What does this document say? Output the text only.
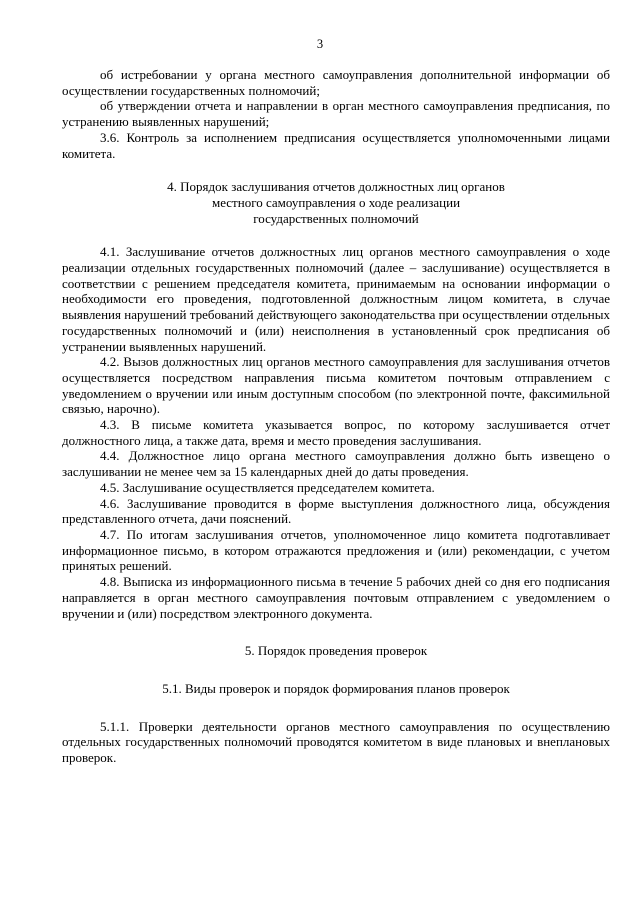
3

об истребовании у органа местного самоуправления дополнительной информации об осуществлении государственных полномочий;

об утверждении отчета и направлении в орган местного самоуправления предписания, по устранению выявленных нарушений;

3.6. Контроль за исполнением предписания осуществляется уполномоченными лицами комитета.

4. Порядок заслушивания отчетов должностных лиц органов

местного самоуправления о ходе реализации

государственных полномочий

4.1. Заслушивание отчетов должностных лиц органов местного самоуправления о ходе реализации отдельных государственных полномочий (далее – заслушивание) осуществляется в соответствии с решением председателя комитета, принимаемым на основании информации о необходимости его проведения, подготовленной должностным лицом комитета, в случае выявления нарушений требований действующего законодательства при осуществлении отдельных государственных полномочий и (или) неисполнения в установленный срок предписания об устранении выявленных нарушений.

4.2. Вызов должностных лиц органов местного самоуправления для заслушивания отчетов осуществляется посредством направления письма комитетом почтовым отправлением с уведомлением о вручении или иным доступным способом (по электронной почте, факсимильной связью, нарочно).

4.3. В письме комитета указывается вопрос, по которому заслушивается отчет должностного лица, а также дата, время и место проведения заслушивания.

4.4. Должностное лицо органа местного самоуправления должно быть извещено о заслушивании не менее чем за 15 календарных дней до даты проведения.

4.5. Заслушивание осуществляется председателем комитета.

4.6. Заслушивание проводится в форме выступления должностного лица, обсуждения представленного отчета, дачи пояснений.

4.7. По итогам заслушивания отчетов, уполномоченное лицо комитета подготавливает информационное письмо, в котором отражаются предложения и (или) рекомендации, с учетом принятых решений.

4.8. Выписка из информационного письма в течение 5 рабочих дней со дня его подписания направляется в орган местного самоуправления почтовым отправлением с уведомлением о вручении и (или) посредством электронного документа.

5. Порядок проведения проверок

5.1. Виды проверок и порядок формирования планов проверок

5.1.1. Проверки деятельности органов местного самоуправления по осуществлению отдельных государственных полномочий проводятся комитетом в виде плановых и внеплановых проверок.
